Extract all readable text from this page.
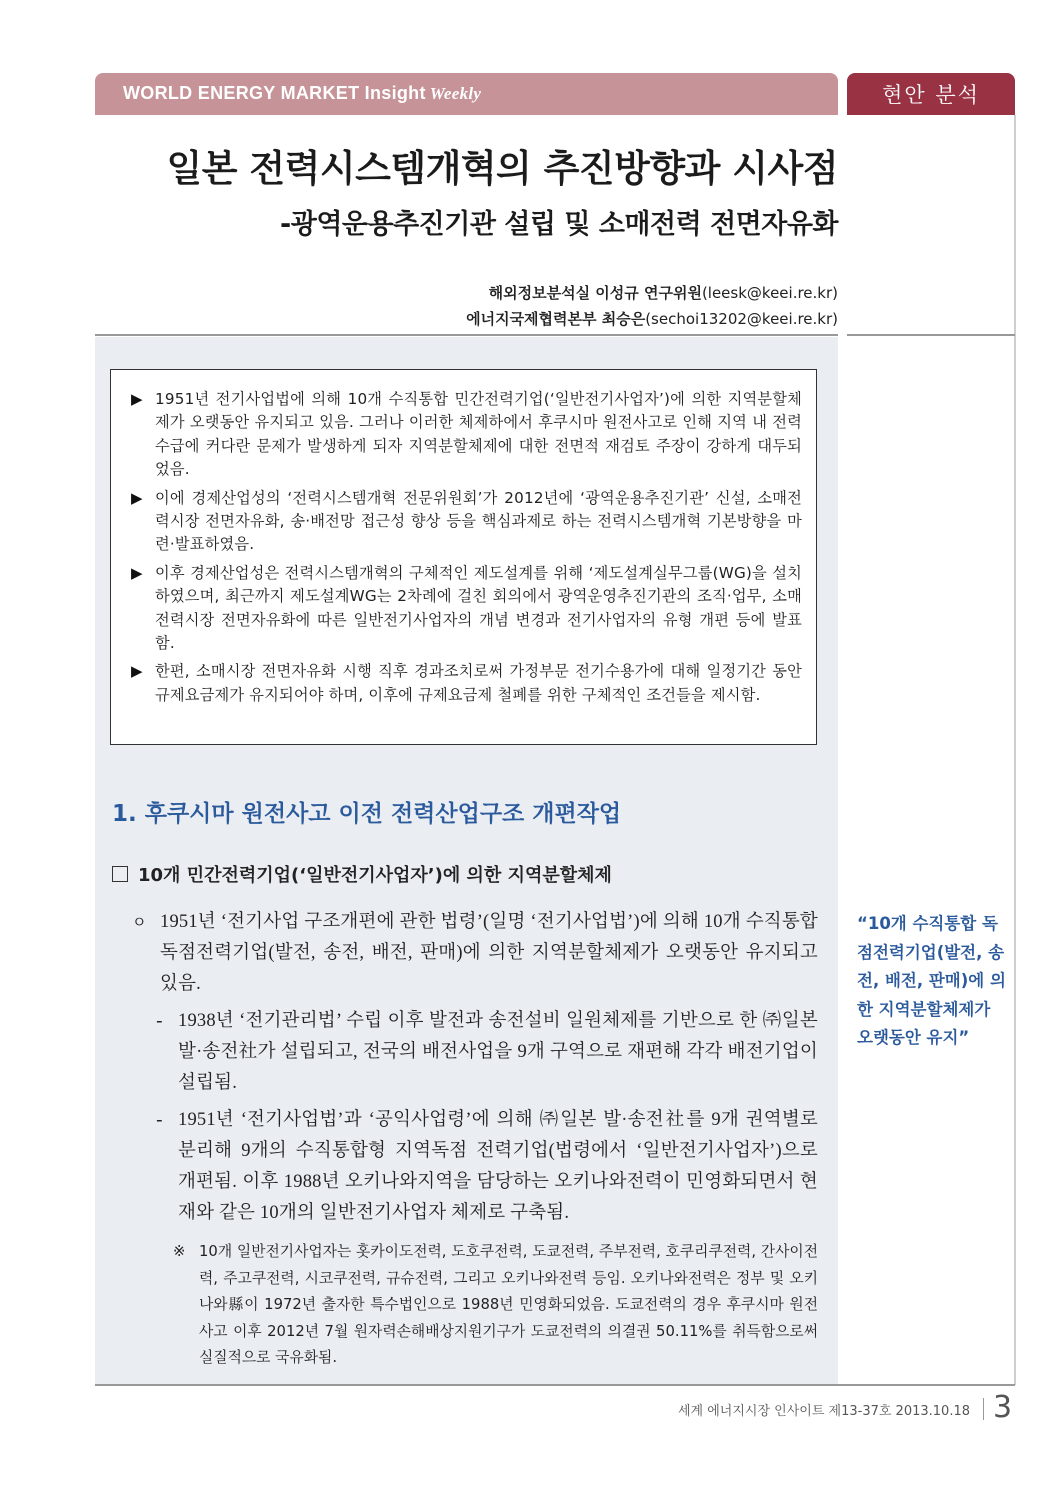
WORLD ENERGY MARKET Insight Weekly	현안 분석
일본 전력시스템개혁의 추진방향과 시사점
-광역운용추진기관 설립 및 소매전력 전면자유화
해외정보분석실 이성규 연구위원(leesk@keei.re.kr)
에너지국제협력본부 최승은(sechoi13202@keei.re.kr)
▶ 1951년 전기사업법에 의해 10개 수직통합 민간전력기업(‘일반전기사업자’)에 의한 지역분할체제가 오랫동안 유지되고 있음. 그러나 이러한 체제하에서 후쿠시마 원전사고로 인해 지역 내 전력수급에 커다란 문제가 발생하게 되자 지역분할체제에 대한 전면적 재검토 주장이 강하게 대두되었음.
▶ 이에 경제산업성의 ‘전력시스템개혁 전문위원회’가 2012년에 ‘광역운용추진기관’ 신설, 소매전력시장 전면자유화, 송·배전망 접근성 향상 등을 핵심과제로 하는 전력시스템개혁 기본방향을 마련·발표하였음.
▶ 이후 경제산업성은 전력시스템개혁의 구체적인 제도설계를 위해 ‘제도설계실무그룹(WG)을 설치하였으며, 최근까지 제도설계WG는 2차례에 걸친 회의에서 광역운영추진기관의 조직·업무, 소매전력시장 전면자유화에 따른 일반전기사업자의 개념 변경과 전기사업자의 유형 개편 등에 발표함.
▶ 한편, 소매시장 전면자유화 시행 직후 경과조치로써 가정부문 전기수용가에 대해 일정기간 동안 규제요금제가 유지되어야 하며, 이후에 규제요금제 철폐를 위한 구체적인 조건들을 제시함.
1. 후쿠시마 원전사고 이전 전력산업구조 개편작업
10개 민간전력기업(‘일반전기사업자’)에 의한 지역분할체제
ㅇ 1951년 ‘전기사업 구조개편에 관한 법령’(일명 ‘전기사업법’)에 의해 10개 수직통합 독점전력기업(발전, 송전, 배전, 판매)에 의한 지역분할체제가 오랫동안 유지되고 있음.
- 1938년 ‘전기관리법’ 수립 이후 발전과 송전설비 일원체제를 기반으로 한 ㈜일본 발·송전社가 설립되고, 전국의 배전사업을 9개 구역으로 재편해 각각 배전기업이 설립됨.
- 1951년 ‘전기사업법’과 ‘공익사업령’에 의해 ㈜일본 발·송전社를 9개 권역별로 분리해 9개의 수직통합형 지역독점 전력기업(법령에서 ‘일반전기사업자’)으로 개편됨. 이후 1988년 오키나와지역을 담당하는 오키나와전력이 민영화되면서 현재와 같은 10개의 일반전기사업자 체제로 구축됨.
※ 10개 일반전기사업자는 홋카이도전력, 도호쿠전력, 도쿄전력, 주부전력, 호쿠리쿠전력, 간사이전력, 주고쿠전력, 시코쿠전력, 규슈전력, 그리고 오키나와전력 등임. 오키나와전력은 정부 및 오키나와縣이 1972년 출자한 특수법인으로 1988년 민영화되었음. 도쿄전력의 경우 후쿠시마 원전사고 이후 2012년 7월 원자력손해배상지원기구가 도쿄전력의 의결권 50.11%를 취득함으로써 실질적으로 국유화됨.
“10개 수직통합 독점전력기업(발전, 송전, 배전, 판매)에 의한 지역분할체제가 오랫동안 유지”
세계 에너지시장 인사이트 제13-37호 2013.10.18 3
